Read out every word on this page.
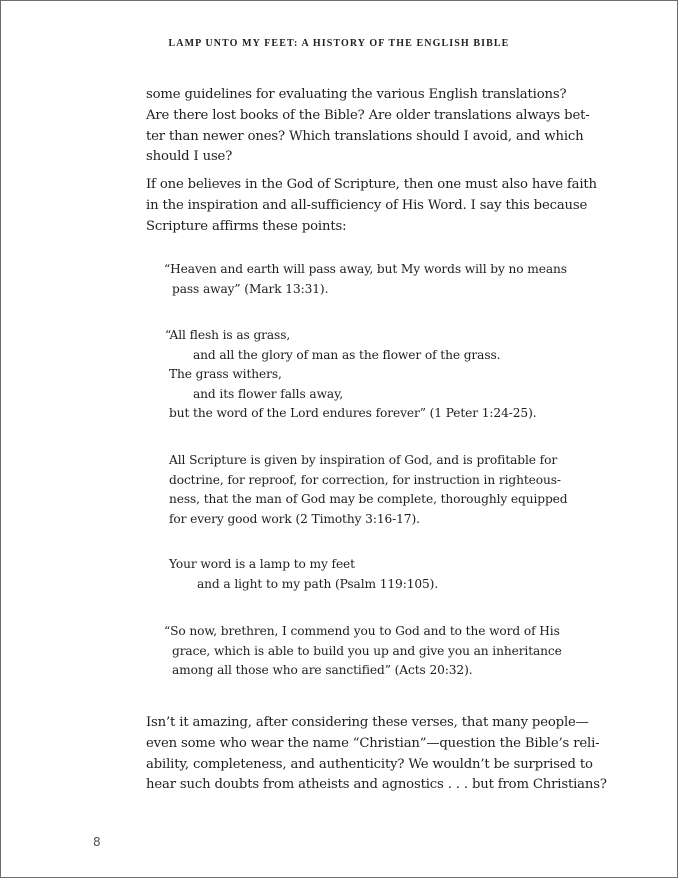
LAMP UNTO MY FEET: A HISTORY OF THE ENGLISH BIBLE

some guidelines for evaluating the various English translations?
Are there lost books of the Bible? Are older translations always bet-
ter than newer ones? Which translations should I avoid, and which
should I use?

If one believes in the God of Scripture, then one must also have faith
in the inspiration and all-sufficiency of His Word. I say this because
Scripture affirms these points:

“Heaven and earth will pass away, but My words will by no means
pass away” (Mark 13:31).

“All flesh is as grass,
and all the glory of man as the flower of the grass.
The grass withers,
and its flower falls away,
but the word of the Lord endures forever” (1 Peter 1:24-25).

All Scripture is given by inspiration of God, and is profitable for
doctrine, for reproof, for correction, for instruction in righteous-
ness, that the man of God may be complete, thoroughly equipped
for every good work (2 Timothy 3:16-17).

Your word is a lamp to my feet
and a light to my path (Psalm 119:105).

“So now, brethren, I commend you to God and to the word of His
grace, which is able to build you up and give you an inheritance
among all those who are sanctified” (Acts 20:32).

Isn’t it amazing, after considering these verses, that many people—
even some who wear the name “Christian”—question the Bible’s reli-
ability, completeness, and authenticity? We wouldn’t be surprised to
hear such doubts from atheists and agnostics . . . but from Christians?

8
